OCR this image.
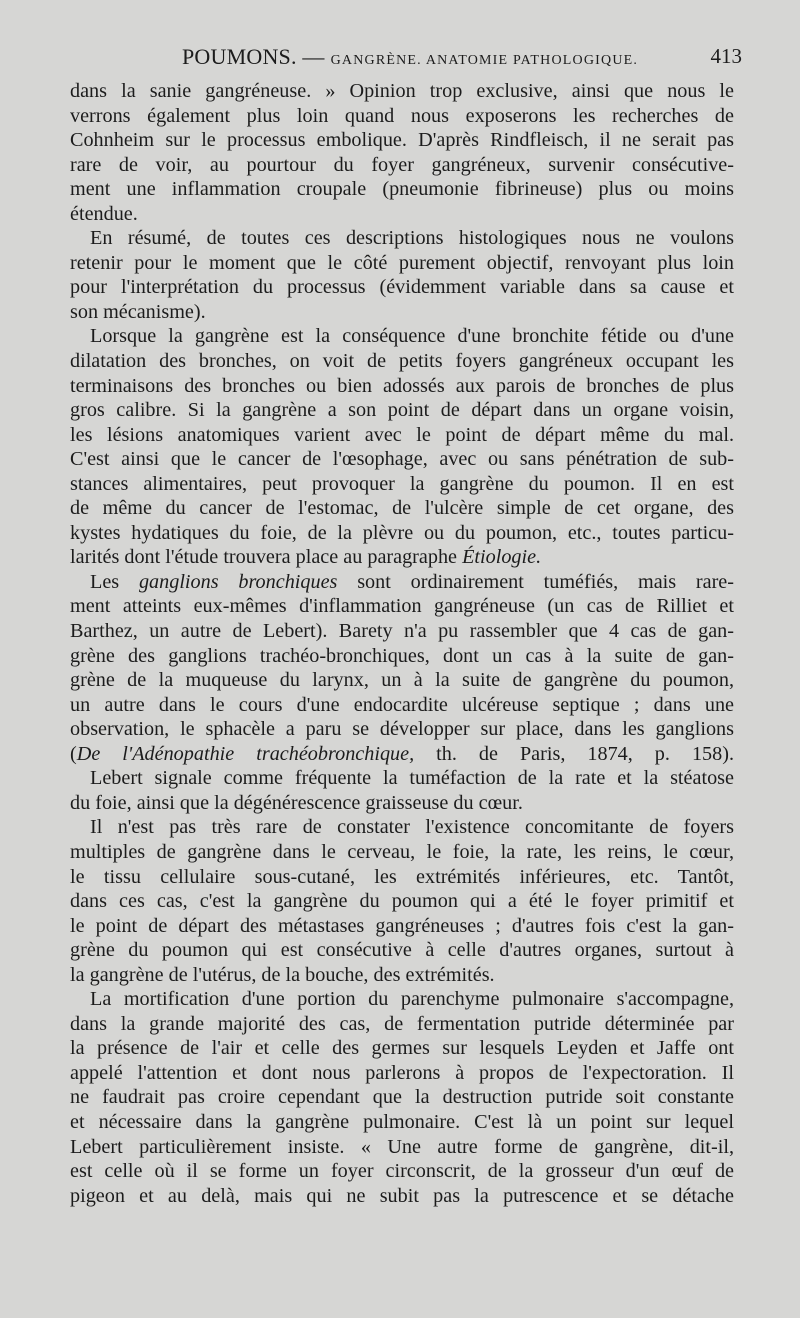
POUMONS. — GANGRÈNE. ANATOMIE PATHOLOGIQUE.	413
dans la sanie gangréneuse. » Opinion trop exclusive, ainsi que nous le
verrons également plus loin quand nous exposerons les recherches de
Cohnheim sur le processus embolique. D'après Rindfleisch, il ne serait pas
rare de voir, au pourtour du foyer gangréneux, survenir consécutive-
ment une inflammation croupale (pneumonie fibrineuse) plus ou moins
étendue.
En résumé, de toutes ces descriptions histologiques nous ne voulons
retenir pour le moment que le côté purement objectif, renvoyant plus loin
pour l'interprétation du processus (évidemment variable dans sa cause et
son mécanisme).
Lorsque la gangrène est la conséquence d'une bronchite fétide ou d'une
dilatation des bronches, on voit de petits foyers gangréneux occupant les
terminaisons des bronches ou bien adossés aux parois de bronches de plus
gros calibre. Si la gangrène a son point de départ dans un organe voisin,
les lésions anatomiques varient avec le point de départ même du mal.
C'est ainsi que le cancer de l'œsophage, avec ou sans pénétration de sub-
stances alimentaires, peut provoquer la gangrène du poumon. Il en est
de même du cancer de l'estomac, de l'ulcère simple de cet organe, des
kystes hydatiques du foie, de la plèvre ou du poumon, etc., toutes particu-
larités dont l'étude trouvera place au paragraphe Étiologie.
Les ganglions bronchiques sont ordinairement tuméfiés, mais rare-
ment atteints eux-mêmes d'inflammation gangréneuse (un cas de Rilliet et
Barthez, un autre de Lebert). Barety n'a pu rassembler que 4 cas de gan-
grène des ganglions trachéo-bronchiques, dont un cas à la suite de gan-
grène de la muqueuse du larynx, un à la suite de gangrène du poumon,
un autre dans le cours d'une endocardite ulcéreuse septique ; dans une
observation, le sphacèle a paru se développer sur place, dans les ganglions
(De l'Adénopathie trachéobronchique, th. de Paris, 1874, p. 158).
Lebert signale comme fréquente la tuméfaction de la rate et la stéatose
du foie, ainsi que la dégénérescence graisseuse du cœur.
Il n'est pas très rare de constater l'existence concomitante de foyers
multiples de gangrène dans le cerveau, le foie, la rate, les reins, le cœur,
le tissu cellulaire sous-cutané, les extrémités inférieures, etc. Tantôt,
dans ces cas, c'est la gangrène du poumon qui a été le foyer primitif et
le point de départ des métastases gangréneuses ; d'autres fois c'est la gan-
grène du poumon qui est consécutive à celle d'autres organes, surtout à
la gangrène de l'utérus, de la bouche, des extrémités.
La mortification d'une portion du parenchyme pulmonaire s'accompagne,
dans la grande majorité des cas, de fermentation putride déterminée par
la présence de l'air et celle des germes sur lesquels Leyden et Jaffe ont
appelé l'attention et dont nous parlerons à propos de l'expectoration. Il
ne faudrait pas croire cependant que la destruction putride soit constante
et nécessaire dans la gangrène pulmonaire. C'est là un point sur lequel
Lebert particulièrement insiste. « Une autre forme de gangrène, dit-il,
est celle où il se forme un foyer circonscrit, de la grosseur d'un œuf de
pigeon et au delà, mais qui ne subit pas la putrescence et se détache
